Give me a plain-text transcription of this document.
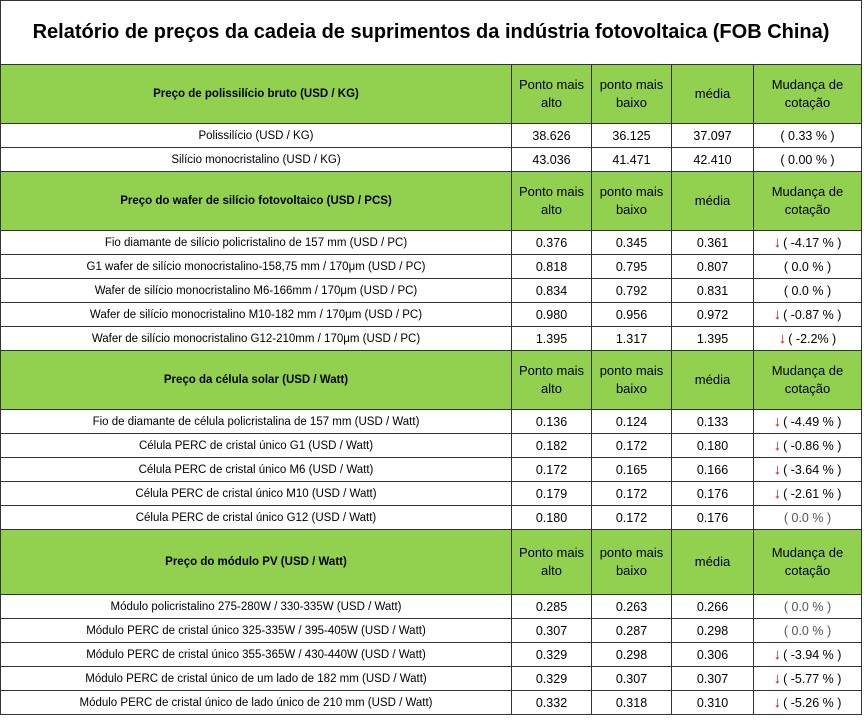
Relatório de preços da cadeia de suprimentos da indústria fotovoltaica (FOB China)				
Preço de polissilício bruto (USD / KG)	Ponto mais alto	ponto mais baixo	média	Mudança de cotação
Polissilício (USD / KG)	38.626	36.125	37.097	( 0.33 % )
Silício monocristalino (USD / KG)	43.036	41.471	42.410	( 0.00 % )
Preço do wafer de silício fotovoltaico (USD / PCS)	Ponto mais alto	ponto mais baixo	média	Mudança de cotação
Fio diamante de silício policristalino de 157 mm (USD / PC)	0.376	0.345	0.361	↓ ( -4.17 % )
G1 wafer de silício monocristalino-158,75 mm / 170μm (USD / PC)	0.818	0.795	0.807	( 0.0 % )
Wafer de silício monocristalino M6-166mm / 170μm (USD / PC)	0.834	0.792	0.831	( 0.0 % )
Wafer de silício monocristalino M10-182 mm / 170μm (USD / PC)	0.980	0.956	0.972	↓ ( -0.87 % )
Wafer de silício monocristalino G12-210mm / 170μm (USD / PC)	1.395	1.317	1.395	↓ ( -2.2% )
Preço da célula solar (USD / Watt)	Ponto mais alto	ponto mais baixo	média	Mudança de cotação
Fio de diamante de célula policristalina de 157 mm (USD / Watt)	0.136	0.124	0.133	↓ ( -4.49 % )
Célula PERC de cristal único G1 (USD / Watt)	0.182	0.172	0.180	↓ ( -0.86 % )
Célula PERC de cristal único M6 (USD / Watt)	0.172	0.165	0.166	↓ ( -3.64 % )
Célula PERC de cristal único M10 (USD / Watt)	0.179	0.172	0.176	↓ ( -2.61 % )
Célula PERC de cristal único G12 (USD / Watt)	0.180	0.172	0.176	( 0.0 % )
Preço do módulo PV (USD / Watt)	Ponto mais alto	ponto mais baixo	média	Mudança de cotação
Módulo policristalino 275-280W / 330-335W (USD / Watt)	0.285	0.263	0.266	( 0.0 % )
Módulo PERC de cristal único 325-335W / 395-405W (USD / Watt)	0.307	0.287	0.298	( 0.0 % )
Módulo PERC de cristal único 355-365W / 430-440W (USD / Watt)	0.329	0.298	0.306	↓ ( -3.94 % )
Módulo PERC de cristal único de um lado de 182 mm (USD / Watt)	0.329	0.307	0.307	↓ ( -5.77 % )
Módulo PERC de cristal único de lado único de 210 mm (USD / Watt)	0.332	0.318	0.310	↓ ( -5.26 % )
